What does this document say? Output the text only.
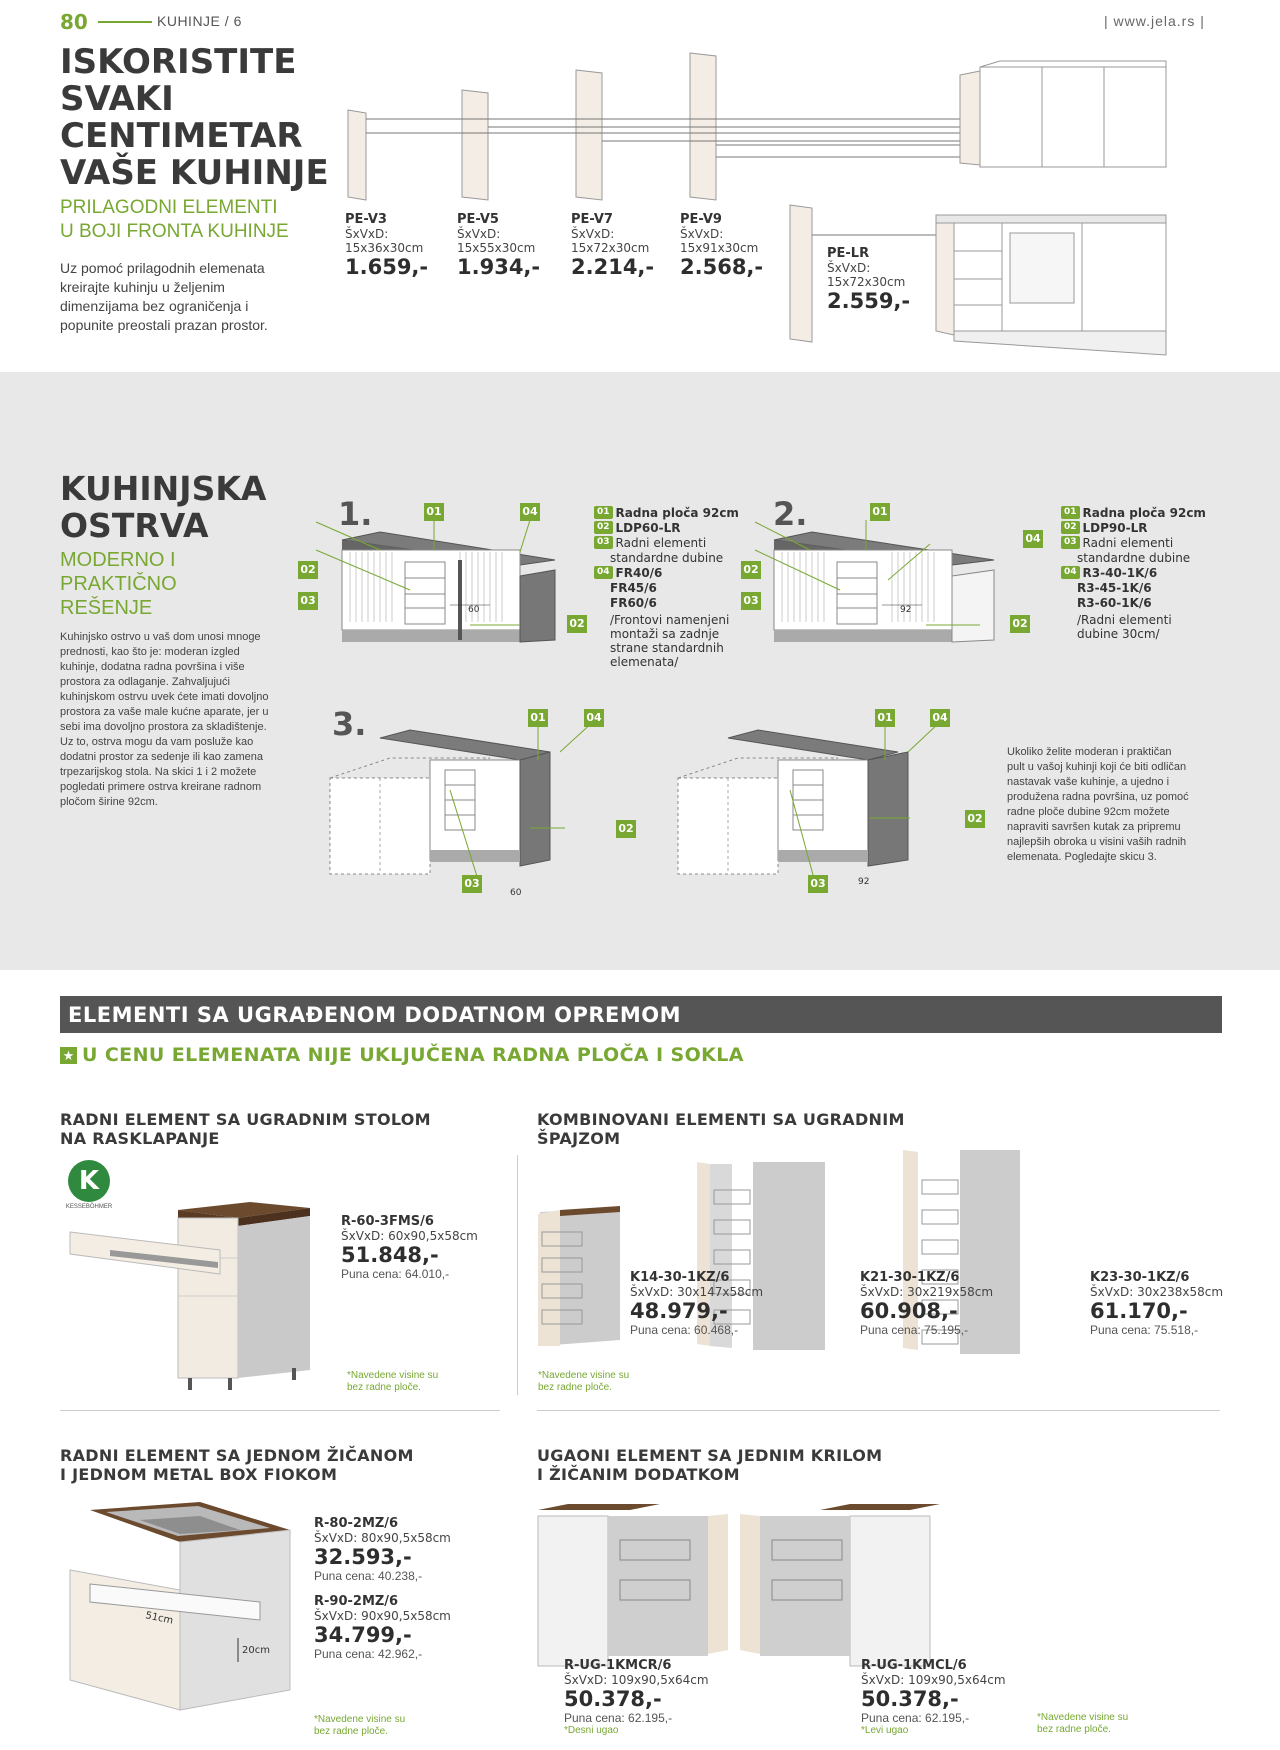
80	KUHINJE / 6	| www.jela.rs |
ISKORISTITE
SVAKI
CENTIMETAR
VAŠE KUHINJE
PRILAGODNI ELEMENTI
U BOJI FRONTA KUHINJE
Uz pomoć prilagodnih elemenata
kreirajte kuhinju u željenim
dimenzijama bez ograničenja i
popunite preostali prazan prostor.
PE-V3
ŠxVxD:
15x36x30cm
1.659,-
PE-V5
ŠxVxD:
15x55x30cm
1.934,-
PE-V7
ŠxVxD:
15x72x30cm
2.214,-
PE-V9
ŠxVxD:
15x91x30cm
2.568,-
PE-LR
ŠxVxD:
15x72x30cm
2.559,-
KUHINJSKA
OSTRVA
MODERNO I
PRAKTIČNO
REŠENJE
Kuhinjsko ostrvo u vaš dom unosi mnoge
prednosti, kao što je: moderan izgled
kuhinje, dodatna radna površina i više
prostora za odlaganje. Zahvaljujući
kuhinjskom ostrvu uvek ćete imati dovoljno
prostora za vaše male kućne aparate, jer u
sebi ima dovoljno prostora za skladištenje.
Uz to, ostrva mogu da vam posluže kao
dodatni prostor za sedenje ili kao zamena
trpezarijskog stola. Na skici 1 i 2 možete
pogledati primere ostrva kreirane radnom
pločom širine 92cm.
1.	2.
3.
60	92
60
92
01	04
02
03
02
01
04
02
03
02
01	04
02
03
01	04
02
03
01 Radna ploča 92cm
02 LDP60-LR
03 Radni elementi
standardne dubine
04 FR40/6
FR45/6
FR60/6
/Frontovi namenjeni
montaži sa zadnje
strane standardnih
elemenata/
01 Radna ploča 92cm
02 LDP90-LR
03 Radni elementi
standardne dubine
04 R3-40-1K/6
R3-45-1K/6
R3-60-1K/6
/Radni elementi
dubine 30cm/
Ukoliko želite moderan i praktičan
pult u vašoj kuhinji koji će biti odličan
nastavak vaše kuhinje, a ujedno i
produžena radna površina, uz pomoć
radne ploče dubine 92cm možete
napraviti savršen kutak za pripremu
najlepših obroka u visini vaših radnih
elemenata. Pogledajte skicu 3.
ELEMENTI SA UGRAĐENOM DODATNOM OPREMOM
★ U CENU ELEMENATA NIJE UKLJUČENA RADNA PLOČA I SOKLA
RADNI ELEMENT SA UGRADNIM STOLOM
NA RASKLAPANJE
KOMBINOVANI ELEMENTI SA UGRADNIM
ŠPAJZOM
RADNI ELEMENT SA JEDNOM ŽIČANOM
I JEDNOM METAL BOX FIOKOM
UGAONI ELEMENT SA JEDNIM KRILOM
I ŽIČANIM DODATKOM
K
KESSEBÖHMER
51cm
20cm
R-60-3FMS/6
ŠxVxD: 60x90,5x58cm
51.848,-
Puna cena: 64.010,-
*Navedene visine su
bez radne ploče.
K14-30-1KZ/6
ŠxVxD: 30x147x58cm
48.979,-
Puna cena: 60.468,-
K21-30-1KZ/6
ŠxVxD: 30x219x58cm
60.908,-
Puna cena: 75.195,-
K23-30-1KZ/6
ŠxVxD: 30x238x58cm
61.170,-
Puna cena: 75.518,-
*Navedene visine su
bez radne ploče.
R-80-2MZ/6
ŠxVxD: 80x90,5x58cm
32.593,-
Puna cena: 40.238,-
R-90-2MZ/6
ŠxVxD: 90x90,5x58cm
34.799,-
Puna cena: 42.962,-
*Navedene visine su
bez radne ploče.
R-UG-1KMCR/6
ŠxVxD: 109x90,5x64cm
50.378,-
Puna cena: 62.195,-
*Desni ugao
R-UG-1KMCL/6
ŠxVxD: 109x90,5x64cm
50.378,-
Puna cena: 62.195,-
*Levi ugao
*Navedene visine su
bez radne ploče.
